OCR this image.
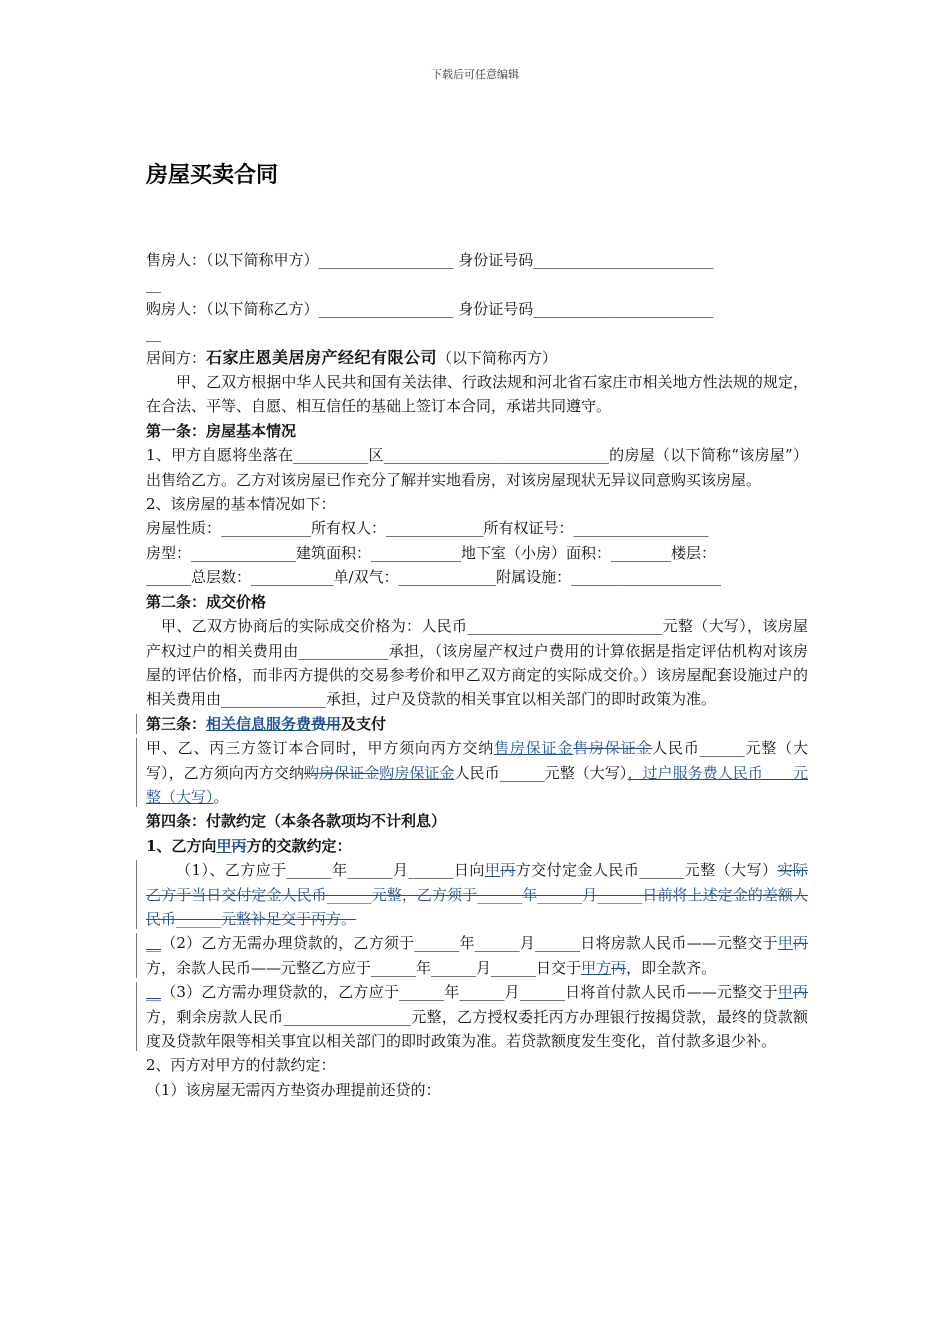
下载后可任意编辑
房屋买卖合同
售房人：（以下简称甲方）__________________ 身份证号码________________________
__
购房人：（以下简称乙方）__________________ 身份证号码________________________
__
居间方：石家庄恩美居房产经纪有限公司（以下简称丙方）
甲、乙双方根据中华人民共和国有关法律、行政法规和河北省石家庄市相关地方性法规的规定，在合法、平等、自愿、相互信任的基础上签订本合同，承诺共同遵守。
第一条：房屋基本情况
1、甲方自愿将坐落在__________区______________________________的房屋（以下简称“该房屋”）出售给乙方。乙方对该房屋已作充分了解并实地看房，对该房屋现状无异议同意购买该房屋。
2、该房屋的基本情况如下：
房屋性质：____________所有权人：_____________所有权证号：__________________
房型：______________建筑面积：____________地下室（小房）面积：________楼层：
______总层数：___________单/双气：_____________附属设施：____________________
第二条：成交价格
甲、乙双方协商后的实际成交价格为：人民币__________________________元整（大写），该房屋产权过户的相关费用由____________承担，（该房屋产权过户费用的计算依据是指定评估机构对该房屋的评估价格，而非丙方提供的交易参考价和甲乙双方商定的实际成交价。）该房屋配套设施过户的相关费用由______________承担，过户及贷款的相关事宜以相关部门的即时政策为准。
第三条：相关信息服务费费用及支付
甲、乙、丙三方签订本合同时，甲方须向丙方交纳售房保证金售房保证金人民币______元整（大写），乙方须向丙方交纳购房保证金购房保证金人民币______元整（大写），过户服务费人民币　　元整（大写）。
第四条：付款约定（本条各款项均不计利息）
1、乙方向甲丙方的交款约定：
（1）、乙方应于______年______月______日向甲丙方交付定金人民币______元整（大写）实际乙方于当日交付定金人民币______元整，乙方须于______年______月______日前将上述定金的差额人民币______元整补足交于丙方。
__（2）乙方无需办理贷款的，乙方须于______年______月______日将房款人民币——元整交于甲丙方，余款人民币——元整乙方应于______年______月______日交于甲方丙，即全款齐。
__（3）乙方需办理贷款的，乙方应于______年______月______日将首付款人民币——元整交于甲丙方，剩余房款人民币_________________元整，乙方授权委托丙方办理银行按揭贷款，最终的贷款额度及贷款年限等相关事宜以相关部门的即时政策为准。若贷款额度发生变化，首付款多退少补。
2、丙方对甲方的付款约定：
（1）该房屋无需丙方垫资办理提前还贷的：
